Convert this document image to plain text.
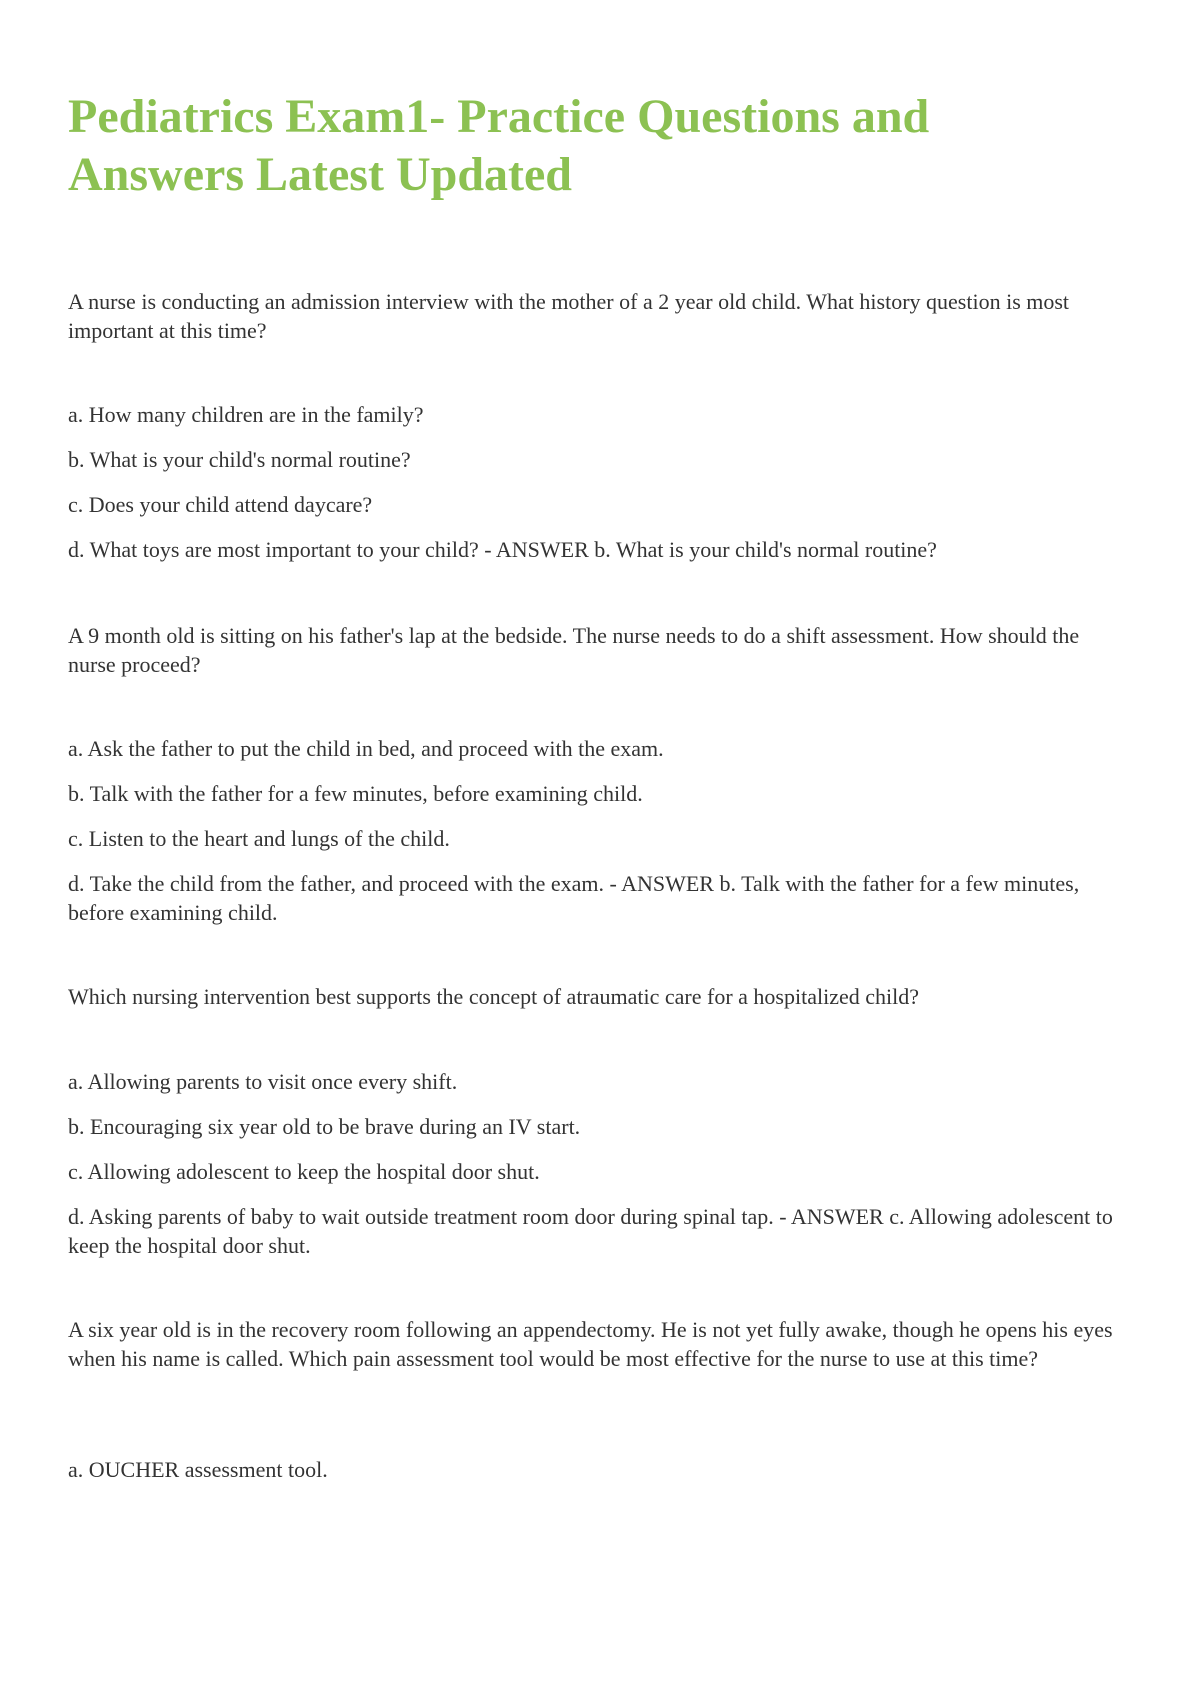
Pediatrics Exam1- Practice Questions and Answers Latest Updated

A nurse is conducting an admission interview with the mother of a 2 year old child. What history question is most important at this time?

a. How many children are in the family?

b. What is your child's normal routine?

c. Does your child attend daycare?

d. What toys are most important to your child? - ANSWER b. What is your child's normal routine?

A 9 month old is sitting on his father's lap at the bedside. The nurse needs to do a shift assessment. How should the nurse proceed?

a. Ask the father to put the child in bed, and proceed with the exam.

b. Talk with the father for a few minutes, before examining child.

c. Listen to the heart and lungs of the child.

d. Take the child from the father, and proceed with the exam. - ANSWER b. Talk with the father for a few minutes, before examining child.

Which nursing intervention best supports the concept of atraumatic care for a hospitalized child?

a. Allowing parents to visit once every shift.

b. Encouraging six year old to be brave during an IV start.

c. Allowing adolescent to keep the hospital door shut.

d. Asking parents of baby to wait outside treatment room door during spinal tap. - ANSWER c. Allowing adolescent to keep the hospital door shut.

A six year old is in the recovery room following an appendectomy. He is not yet fully awake, though he opens his eyes when his name is called. Which pain assessment tool would be most effective for the nurse to use at this time?

a. OUCHER assessment tool.
